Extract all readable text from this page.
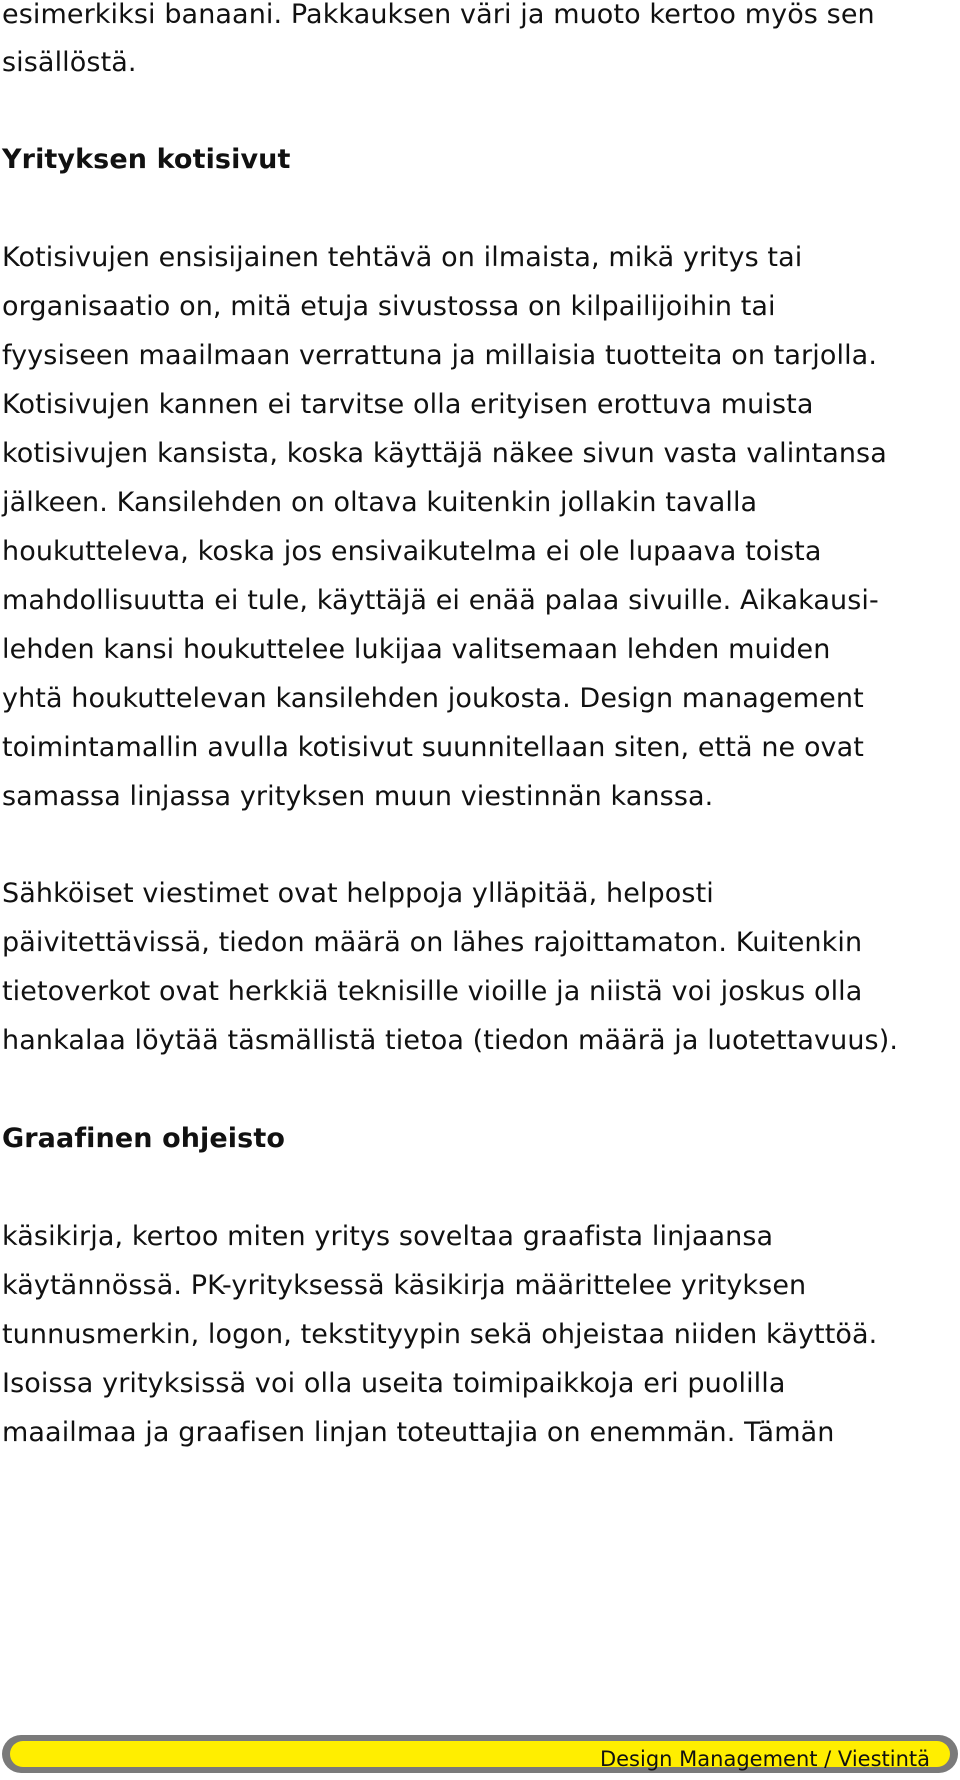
esimerkiksi banaani. Pakkauksen väri ja muoto kertoo myös sen

sisällöstä.

Yrityksen kotisivut

Kotisivujen ensisijainen tehtävä on ilmaista, mikä yritys tai

organisaatio on, mitä etuja sivustossa on kilpailijoihin tai

fyysiseen maailmaan verrattuna ja millaisia tuotteita on tarjolla.

Kotisivujen kannen ei tarvitse olla erityisen erottuva muista

kotisivujen kansista, koska käyttäjä näkee sivun vasta valintansa

jälkeen. Kansilehden on oltava kuitenkin jollakin tavalla

houkutteleva, koska jos ensivaikutelma ei ole lupaava toista

mahdollisuutta ei tule, käyttäjä ei enää palaa sivuille. Aikakausi-

lehden kansi houkuttelee lukijaa valitsemaan lehden muiden

yhtä houkuttelevan kansilehden joukosta. Design management

toimintamallin avulla kotisivut suunnitellaan siten, että ne ovat

samassa linjassa yrityksen muun viestinnän kanssa.

Sähköiset viestimet ovat helppoja ylläpitää, helposti

päivitettävissä, tiedon määrä on lähes rajoittamaton. Kuitenkin

tietoverkot ovat herkkiä teknisille vioille ja niistä voi joskus olla

hankalaa löytää täsmällistä tietoa (tiedon määrä ja luotettavuus).

Graafinen ohjeisto

käsikirja, kertoo miten yritys soveltaa graafista linjaansa

käytännössä. PK-yrityksessä käsikirja määrittelee yrityksen

tunnusmerkin, logon, tekstityypin sekä ohjeistaa niiden käyttöä.

Isoissa yrityksissä voi olla useita toimipaikkoja eri puolilla

maailmaa ja graafisen linjan toteuttajia on enemmän. Tämän

Design Management / Viestintä
